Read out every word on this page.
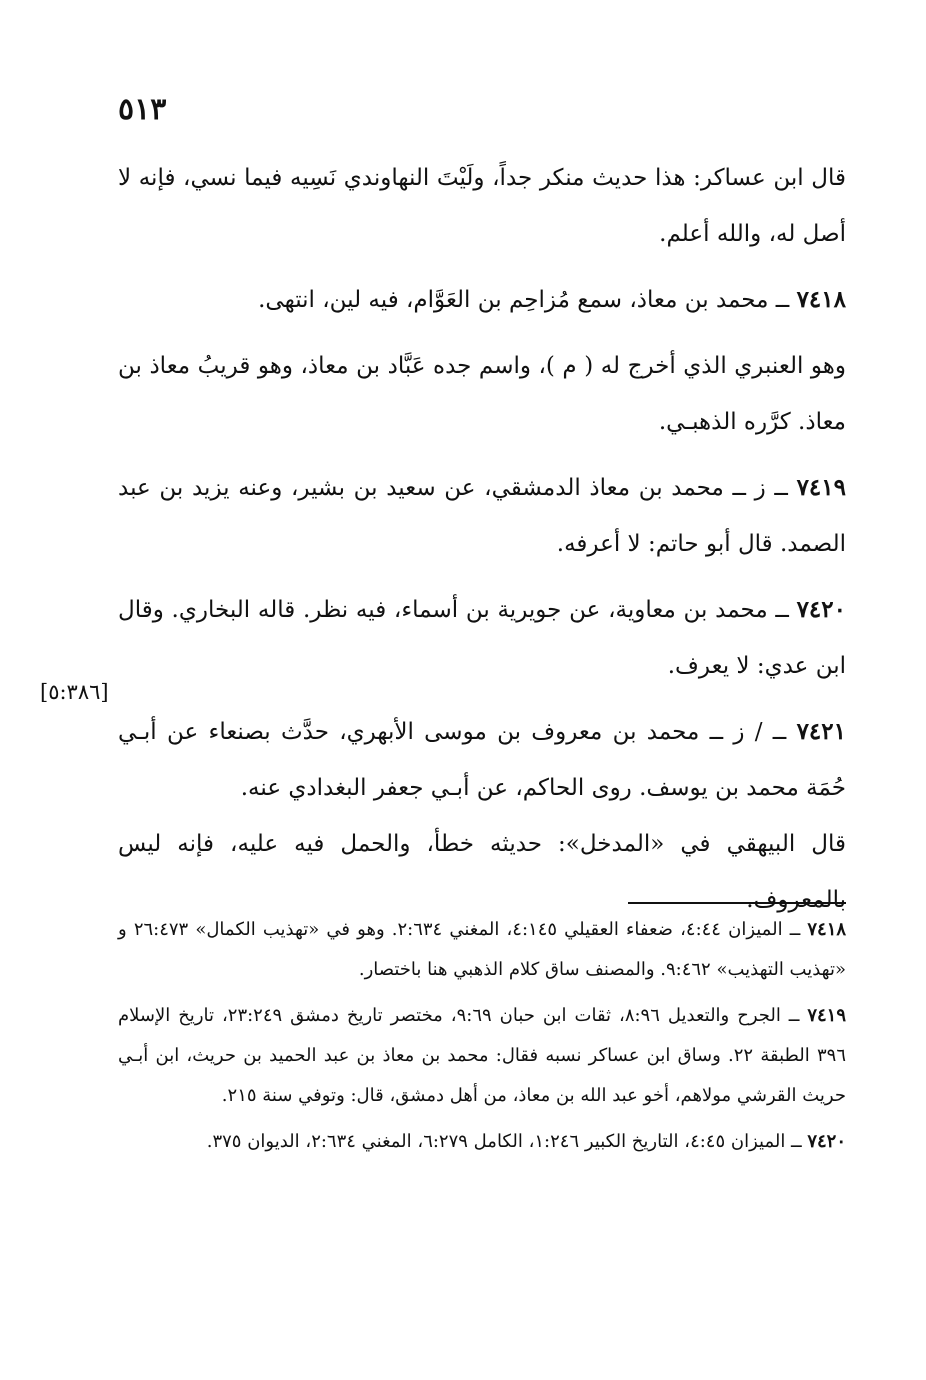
٥١٣
[٥:٣٨٦]

قال ابن عساكر: هذا حديث منكر جداً، ولَيْتَ النهاوندي نَسِيه فيما نسي، فإنه لا أصل له، والله أعلم.

٧٤١٨ ــ محمد بن معاذ، سمع مُزاحِم بن العَوَّام، فيه لين، انتهى.

وهو العنبري الذي أخرج له ( م )، واسم جده عَبَّاد بن معاذ، وهو قريبُ معاذ بن معاذ. كرَّره الذهبـي.

٧٤١٩ ــ ز ــ محمد بن معاذ الدمشقي، عن سعيد بن بشير، وعنه يزيد بن عبد الصمد. قال أبو حاتم: لا أعرفه.

٧٤٢٠ ــ محمد بن معاوية، عن جويرية بن أسماء، فيه نظر. قاله البخاري. وقال ابن عدي: لا يعرف.

٧٤٢١ ــ / ز ــ محمد بن معروف بن موسى الأبهري، حدَّث بصنعاء عن أبـي حُمَة محمد بن يوسف. روى الحاكم، عن أبـي جعفر البغدادي عنه.

قال البيهقي في «المدخل»: حديثه خطأ، والحمل فيه عليه، فإنه ليس بالمعروف.

٧٤١٨ ــ الميزان ٤:٤٤، ضعفاء العقيلي ٤:١٤٥، المغني ٢:٦٣٤. وهو في «تهذيب الكمال» ٢٦:٤٧٣ و «تهذيب التهذيب» ٩:٤٦٢. والمصنف ساق كلام الذهبي هنا باختصار.

٧٤١٩ ــ الجرح والتعديل ٨:٩٦، ثقات ابن حبان ٩:٦٩، مختصر تاريخ دمشق ٢٣:٢٤٩، تاريخ الإسلام ٣٩٦ الطبقة ٢٢. وساق ابن عساكر نسبه فقال: محمد بن معاذ بن عبد الحميد بن حريث، ابن أبـي حريث القرشي مولاهم، أخو عبد الله بن معاذ، من أهل دمشق، قال: وتوفي سنة ٢١٥.

٧٤٢٠ ــ الميزان ٤:٤٥، التاريخ الكبير ١:٢٤٦، الكامل ٦:٢٧٩، المغني ٢:٦٣٤، الديوان ٣٧٥.
